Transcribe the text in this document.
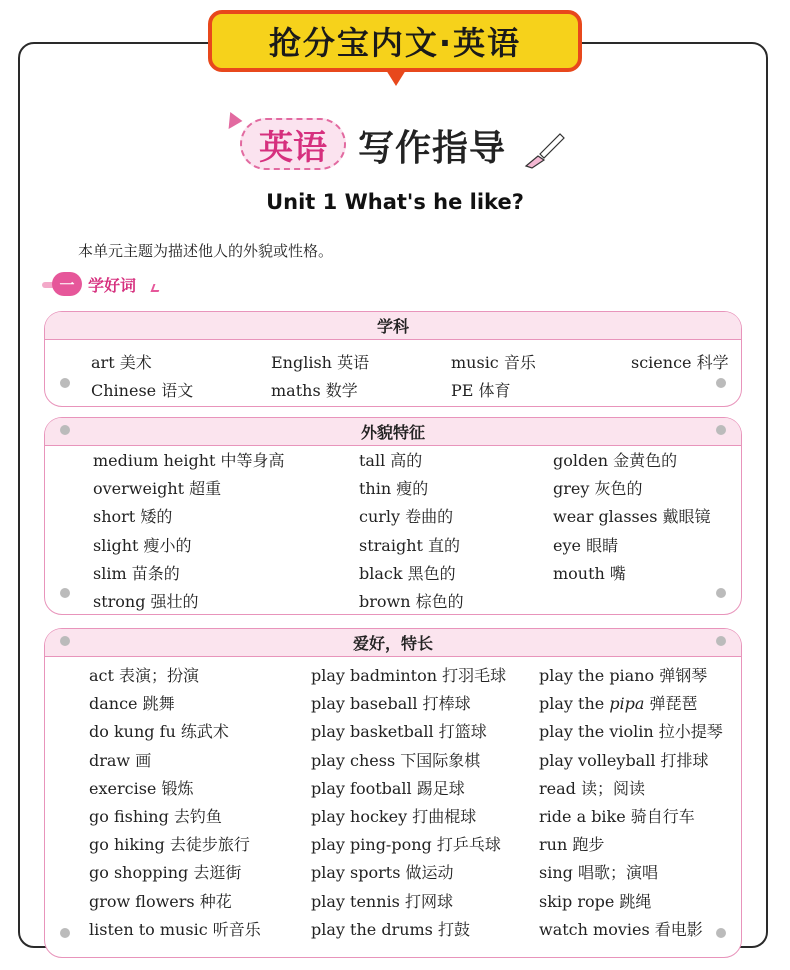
抢分宝内文·英语
英语 写作指导
Unit 1 What's he like?
本单元主题为描述他人的外貌或性格。
一 学好词
学科
art 美术
Chinese 语文
English 英语
maths 数学
music 音乐
PE 体育
science 科学
外貌特征
medium height 中等身高
overweight 超重
short 矮的
slight 瘦小的
slim 苗条的
strong 强壮的
tall 高的
thin 瘦的
curly 卷曲的
straight 直的
black 黑色的
brown 棕色的
golden 金黄色的
grey 灰色的
wear glasses 戴眼镜
eye 眼睛
mouth 嘴
爱好，特长
act 表演；扮演
dance 跳舞
do kung fu 练武术
draw 画
exercise 锻炼
go fishing 去钓鱼
go hiking 去徒步旅行
go shopping 去逛街
grow flowers 种花
listen to music 听音乐
play badminton 打羽毛球
play baseball 打棒球
play basketball 打篮球
play chess 下国际象棋
play football 踢足球
play hockey 打曲棍球
play ping-pong 打乒乓球
play sports 做运动
play tennis 打网球
play the drums 打鼓
play the piano 弹钢琴
play the pipa 弹琵琶
play the violin 拉小提琴
play volleyball 打排球
read 读；阅读
ride a bike 骑自行车
run 跑步
sing 唱歌；演唱
skip rope 跳绳
watch movies 看电影
